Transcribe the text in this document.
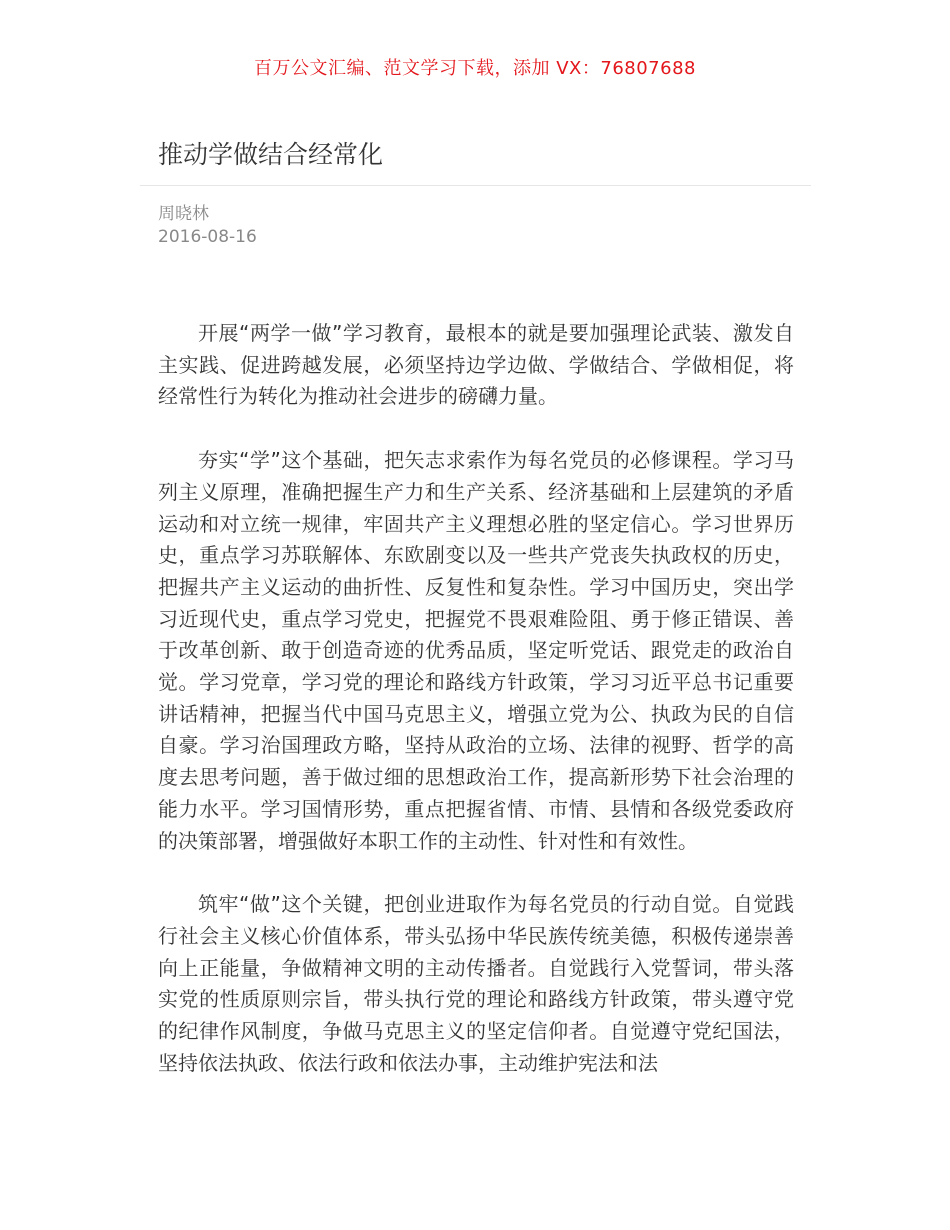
百万公文汇编、范文学习下载，添加 VX：76807688
推动学做结合经常化
周晓林
2016-08-16

开展“两学一做”学习教育，最根本的就是要加强理论武装、激发自主实践、促进跨越发展，必须坚持边学边做、学做结合、学做相促，将经常性行为转化为推动社会进步的磅礴力量。

夯实“学”这个基础，把矢志求索作为每名党员的必修课程。学习马列主义原理，准确把握生产力和生产关系、经济基础和上层建筑的矛盾运动和对立统一规律，牢固共产主义理想必胜的坚定信心。学习世界历史，重点学习苏联解体、东欧剧变以及一些共产党丧失执政权的历史，把握共产主义运动的曲折性、反复性和复杂性。学习中国历史，突出学习近现代史，重点学习党史，把握党不畏艰难险阻、勇于修正错误、善于改革创新、敢于创造奇迹的优秀品质，坚定听党话、跟党走的政治自觉。学习党章，学习党的理论和路线方针政策，学习习近平总书记重要讲话精神，把握当代中国马克思主义，增强立党为公、执政为民的自信自豪。学习治国理政方略，坚持从政治的立场、法律的视野、哲学的高度去思考问题，善于做过细的思想政治工作，提高新形势下社会治理的能力水平。学习国情形势，重点把握省情、市情、县情和各级党委政府的决策部署，增强做好本职工作的主动性、针对性和有效性。

筑牢“做”这个关键，把创业进取作为每名党员的行动自觉。自觉践行社会主义核心价值体系，带头弘扬中华民族传统美德，积极传递崇善向上正能量，争做精神文明的主动传播者。自觉践行入党誓词，带头落实党的性质原则宗旨，带头执行党的理论和路线方针政策，带头遵守党的纪律作风制度，争做马克思主义的坚定信仰者。自觉遵守党纪国法，坚持依法执政、依法行政和依法办事，主动维护宪法和法
